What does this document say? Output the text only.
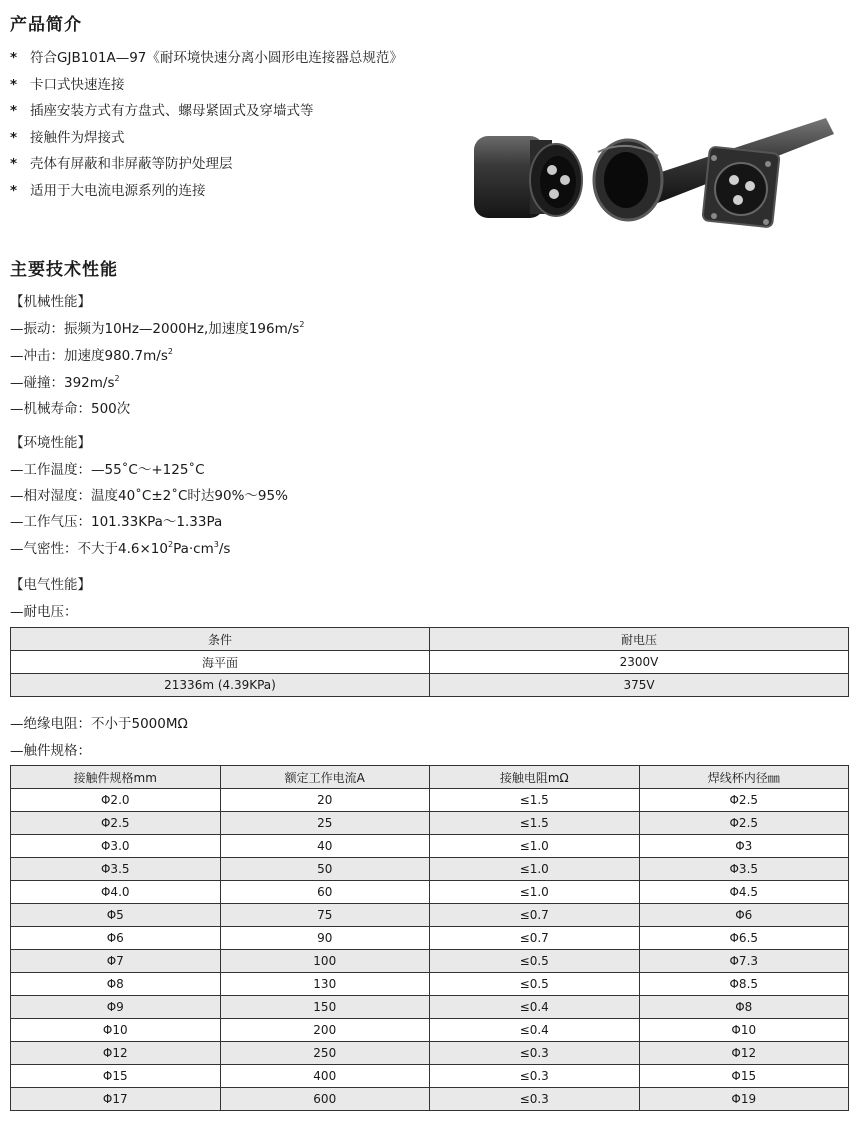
产品简介
* 符合GJB101A—97《耐环境快速分离小圆形电连接器总规范》
* 卡口式快速连接
* 插座安装方式有方盘式、螺母紧固式及穿墙式等
* 接触件为焊接式
* 壳体有屏蔽和非屏蔽等防护处理层
* 适用于大电流电源系列的连接
主要技术性能
【机械性能】
—振动：振频为10Hz—2000Hz,加速度$196m/s^2$
—冲击：加速度$980.7m/s^2$
—碰撞：$392m/s^2$
—机械寿命：500次
【环境性能】
—工作温度：—55˚C～+125˚C
—相对湿度：温度40˚C±2˚C时达90%～95%
—工作气压：101.33KPa～1.33Pa
—气密性：不大于$4.6\times 10^2Pa\cdot cm^3/s$
【电气性能】
—耐电压：
条件	耐电压
海平面	2300V
21336m (4.39KPa)	375V
—绝缘电阻：不小于5000MΩ
—触件规格：
接触件规格mm	额定工作电流A	接触电阻mΩ	焊线杯内径㎜
Φ2.0	20	≤1.5	Φ2.5
Φ2.5	25	≤1.5	Φ2.5
Φ3.0	40	≤1.0	Φ3
Φ3.5	50	≤1.0	Φ3.5
Φ4.0	60	≤1.0	Φ4.5
Φ5	75	≤0.7	Φ6
Φ6	90	≤0.7	Φ6.5
Φ7	100	≤0.5	Φ7.3
Φ8	130	≤0.5	Φ8.5
Φ9	150	≤0.4	Φ8
Φ10	200	≤0.4	Φ10
Φ12	250	≤0.3	Φ12
Φ15	400	≤0.3	Φ15
Φ17	600	≤0.3	Φ19
